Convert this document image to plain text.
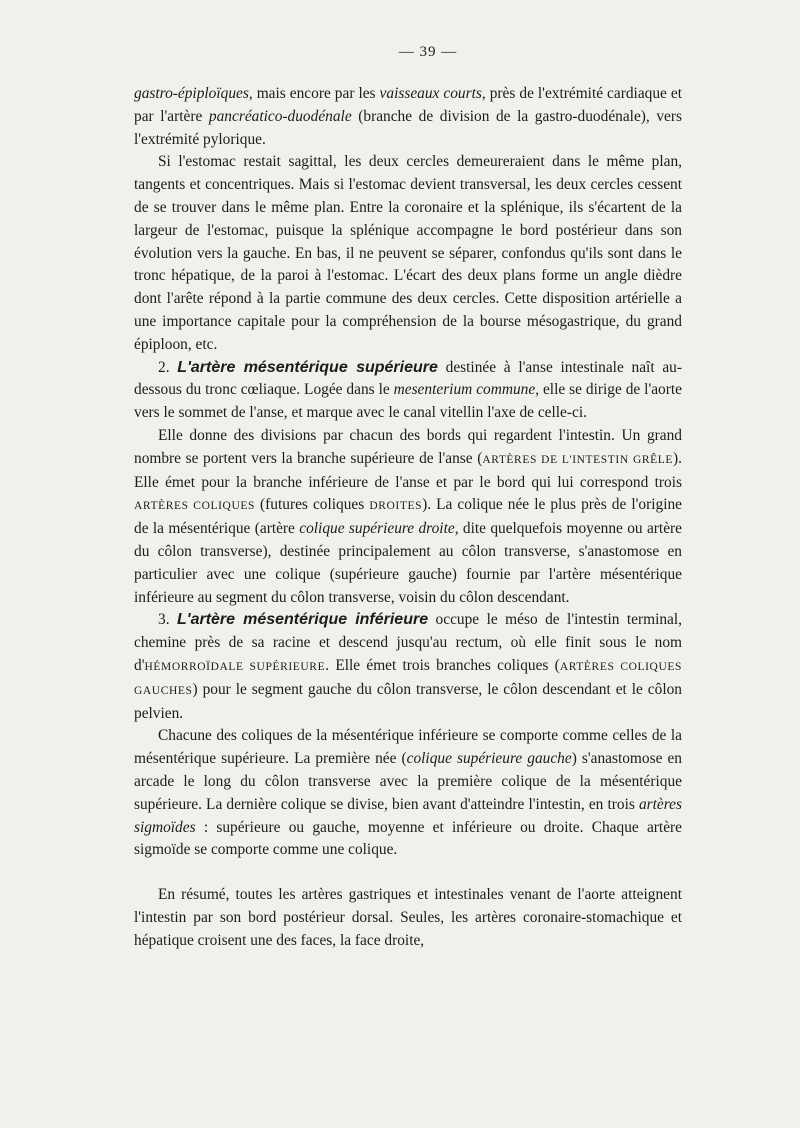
— 39 —

gastro-épiploïques, mais encore par les vaisseaux courts, près de l'extrémité cardiaque et par l'artère pancréatico-duodénale (branche de division de la gastro-duodénale), vers l'extrémité pylorique.

Si l'estomac restait sagittal, les deux cercles demeureraient dans le même plan, tangents et concentriques. Mais si l'estomac devient transversal, les deux cercles cessent de se trouver dans le même plan. Entre la coronaire et la splénique, ils s'écartent de la largeur de l'estomac, puisque la splénique accompagne le bord postérieur dans son évolution vers la gauche. En bas, il ne peuvent se séparer, confondus qu'ils sont dans le tronc hépatique, de la paroi à l'estomac. L'écart des deux plans forme un angle dièdre dont l'arête répond à la partie commune des deux cercles. Cette disposition artérielle a une importance capitale pour la compréhension de la bourse mésogastrique, du grand épiploon, etc.

2. L'artère mésentérique supérieure destinée à l'anse intestinale naît au-dessous du tronc cœliaque. Logée dans le mesenterium commune, elle se dirige de l'aorte vers le sommet de l'anse, et marque avec le canal vitellin l'axe de celle-ci.

Elle donne des divisions par chacun des bords qui regardent l'intestin. Un grand nombre se portent vers la branche supérieure de l'anse (ARTÈRES DE L'INTESTIN GRÊLE). Elle émet pour la branche inférieure de l'anse et par le bord qui lui correspond trois ARTÈRES COLIQUES (futures coliques DROITES). La colique née le plus près de l'origine de la mésentérique (artère colique supérieure droite, dite quelquefois moyenne ou artère du côlon transverse), destinée principalement au côlon transverse, s'anastomose en particulier avec une colique (supérieure gauche) fournie par l'artère mésentérique inférieure au segment du côlon transverse, voisin du côlon descendant.

3. L'artère mésentérique inférieure occupe le méso de l'intestin terminal, chemine près de sa racine et descend jusqu'au rectum, où elle finit sous le nom d'HÉMORROÏDALE SUPÉRIEURE. Elle émet trois branches coliques (ARTÈRES COLIQUES GAUCHES) pour le segment gauche du côlon transverse, le côlon descendant et le côlon pelvien.

Chacune des coliques de la mésentérique inférieure se comporte comme celles de la mésentérique supérieure. La première née (colique supérieure gauche) s'anastomose en arcade le long du côlon transverse avec la première colique de la mésentérique supérieure. La dernière colique se divise, bien avant d'atteindre l'intestin, en trois artères sigmoïdes : supérieure ou gauche, moyenne et inférieure ou droite. Chaque artère sigmoïde se comporte comme une colique.

En résumé, toutes les artères gastriques et intestinales venant de l'aorte atteignent l'intestin par son bord postérieur dorsal. Seules, les artères coronaire-stomachique et hépatique croisent une des faces, la face droite,
